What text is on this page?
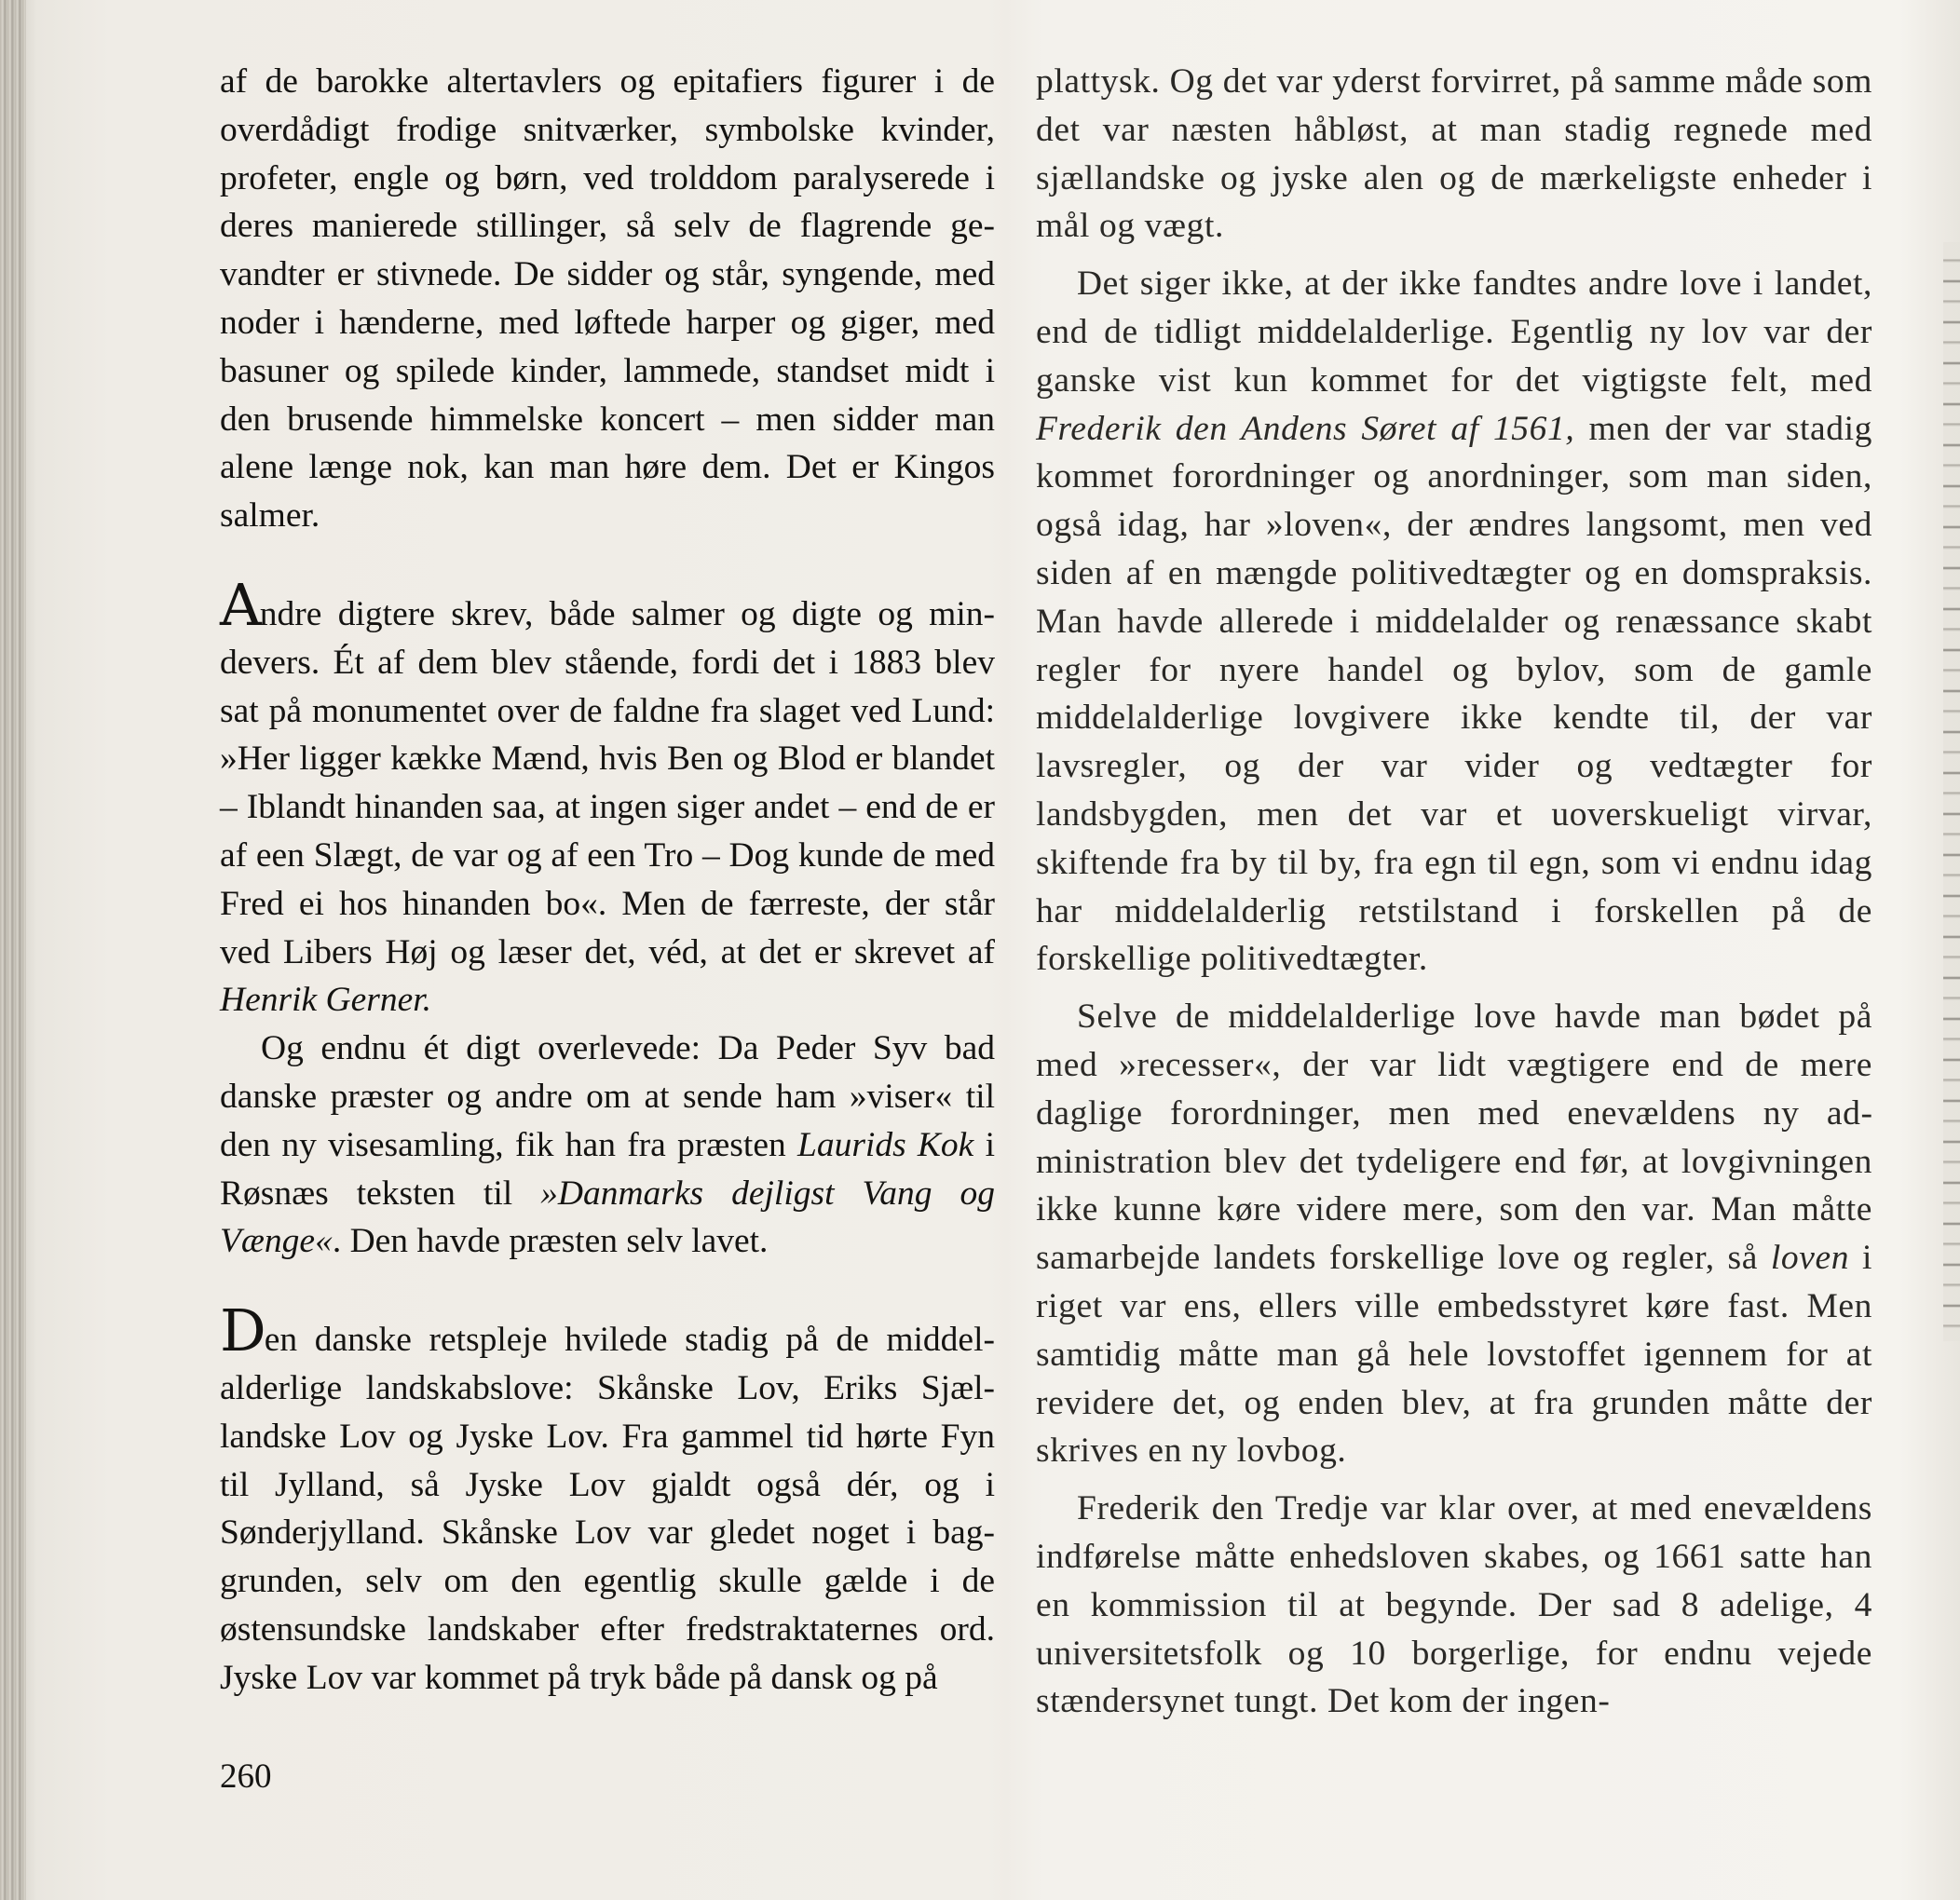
af de barokke altertavlers og epitafiers figurer i de overdådigt frodige snitværker, symbolske kvinder, profeter, engle og børn, ved trolddom paralyserede i deres manierede stillinger, så selv de flagrende gevandter er stivnede. De sidder og står, syngende, med noder i hænderne, med løftede harper og giger, med basuner og spilede kinder, lammede, standset midt i den brusende himmelske koncert – men sidder man alene længe nok, kan man høre dem. Det er Kingos salmer.

Andre digtere skrev, både salmer og digte og mindevers. Ét af dem blev stående, fordi det i 1883 blev sat på monumentet over de faldne fra slaget ved Lund: »Her ligger kække Mænd, hvis Ben og Blod er blandet – Iblandt hinanden saa, at ingen siger andet – end de er af een Slægt, de var og af een Tro – Dog kunde de med Fred ei hos hinanden bo«. Men de færreste, der står ved Libers Høj og læser det, véd, at det er skrevet af Henrik Gerner.

Og endnu ét digt overlevede: Da Peder Syv bad danske præster og andre om at sende ham »viser« til den ny visesamling, fik han fra præsten Laurids Kok i Røsnæs teksten til »Danmarks dejligst Vang og Vænge«. Den havde præsten selv lavet.

Den danske retspleje hvilede stadig på de middelalderlige landskabslove: Skånske Lov, Eriks Sjællandske Lov og Jyske Lov. Fra gammel tid hørte Fyn til Jylland, så Jyske Lov gjaldt også dér, og i Sønderjylland. Skånske Lov var gledet noget i baggrunden, selv om den egentlig skulle gælde i de østensundske landskaber efter fredstraktaternes ord. Jyske Lov var kommet på tryk både på dansk og på

plattysk. Og det var yderst forvirret, på samme måde som det var næsten håbløst, at man stadig regnede med sjællandske og jyske alen og de mærkeligste enheder i mål og vægt.

Det siger ikke, at der ikke fandtes andre love i landet, end de tidligt middelalderlige. Egentlig ny lov var der ganske vist kun kommet for det vigtigste felt, med Frederik den Andens Søret af 1561, men der var stadig kommet forordninger og anordninger, som man siden, også idag, har »loven«, der ændres langsomt, men ved siden af en mængde politivedtægter og en domspraksis. Man havde allerede i middelalder og renæssance skabt regler for nyere handel og bylov, som de gamle middelalderlige lovgivere ikke kendte til, der var lavsregler, og der var vider og vedtægter for landsbygden, men det var et uoverskueligt virvar, skiftende fra by til by, fra egn til egn, som vi endnu idag har middelalderlig retstilstand i forskellen på de forskellige politivedtægter.

Selve de middelalderlige love havde man bødet på med »recesser«, der var lidt vægtigere end de mere daglige forordninger, men med enevældens ny administration blev det tydeligere end før, at lovgivningen ikke kunne køre videre mere, som den var. Man måtte samarbejde landets forskellige love og regler, så loven i riget var ens, ellers ville embedsstyret køre fast. Men samtidig måtte man gå hele lovstoffet igennem for at revidere det, og enden blev, at fra grunden måtte der skrives en ny lovbog.

Frederik den Tredje var klar over, at med enevældens indførelse måtte enhedsloven skabes, og 1661 satte han en kommission til at begynde. Der sad 8 adelige, 4 universitetsfolk og 10 borgerlige, for endnu vejede stændersynet tungt. Det kom der ingen-

260
